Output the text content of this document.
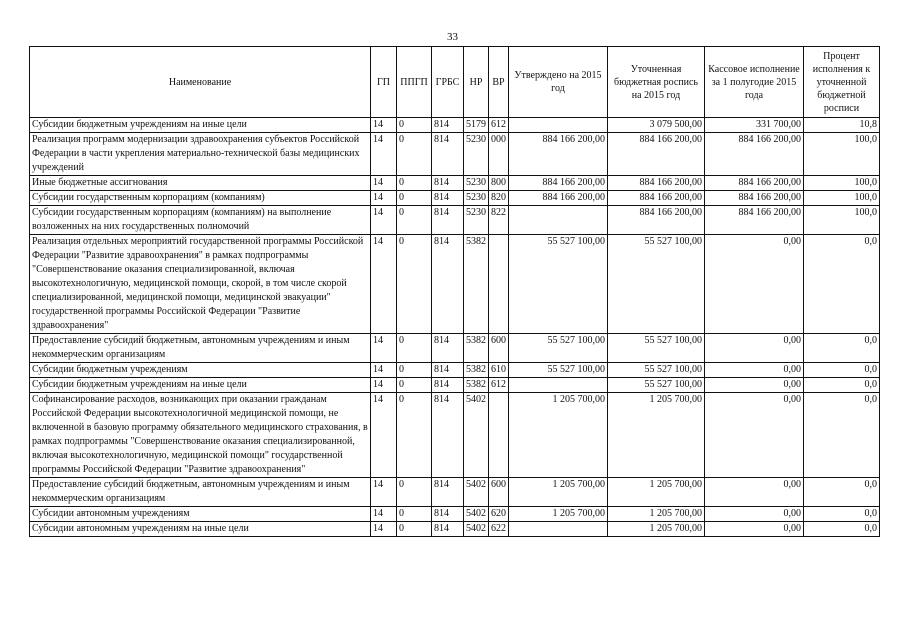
33
Наименование	ГП	ППГП	ГРБС	НР	ВР	Утверждено на 2015 год	Уточненная бюджетная роспись на 2015 год	Кассовое исполнение за 1 полугодие 2015 года	Процент исполнения к уточненной бюджетной росписи
Субсидии бюджетным учреждениям на иные цели	14	0	814	5179	612		3 079 500,00	331 700,00	10,8
Реализация программ модернизации здравоохранения субъектов Российской Федерации в части укрепления материально-технической базы медицинских учреждений	14	0	814	5230	000	884 166 200,00	884 166 200,00	884 166 200,00	100,0
Иные бюджетные ассигнования	14	0	814	5230	800	884 166 200,00	884 166 200,00	884 166 200,00	100,0
Субсидии государственным корпорациям (компаниям)	14	0	814	5230	820	884 166 200,00	884 166 200,00	884 166 200,00	100,0
Субсидии государственным корпорациям (компаниям) на выполнение возложенных на них государственных полномочий	14	0	814	5230	822		884 166 200,00	884 166 200,00	100,0
Реализация отдельных мероприятий государственной программы Российской Федерации "Развитие здравоохранения" в рамках подпрограммы "Совершенствование оказания специализированной, включая высокотехнологичную, медицинской помощи, скорой, в том числе скорой специализированной, медицинской помощи, медицинской эвакуации" государственной программы Российской Федерации "Развитие здравоохранения"	14	0	814	5382		55 527 100,00	55 527 100,00	0,00	0,0
Предоставление субсидий бюджетным, автономным учреждениям и иным некоммерческим организациям	14	0	814	5382	600	55 527 100,00	55 527 100,00	0,00	0,0
Субсидии бюджетным учреждениям	14	0	814	5382	610	55 527 100,00	55 527 100,00	0,00	0,0
Субсидии бюджетным учреждениям на иные цели	14	0	814	5382	612		55 527 100,00	0,00	0,0
Софинансирование расходов, возникающих при оказании гражданам Российской Федерации высокотехнологичной медицинской помощи, не включенной в базовую программу обязательного медицинского страхования, в рамках подпрограммы "Совершенствование оказания специализированной, включая высокотехнологичную, медицинской помощи" государственной программы Российской Федерации "Развитие здравоохранения"	14	0	814	5402		1 205 700,00	1 205 700,00	0,00	0,0
Предоставление субсидий бюджетным, автономным учреждениям и иным некоммерческим организациям	14	0	814	5402	600	1 205 700,00	1 205 700,00	0,00	0,0
Субсидии автономным учреждениям	14	0	814	5402	620	1 205 700,00	1 205 700,00	0,00	0,0
Субсидии автономным учреждениям на иные цели	14	0	814	5402	622		1 205 700,00	0,00	0,0
